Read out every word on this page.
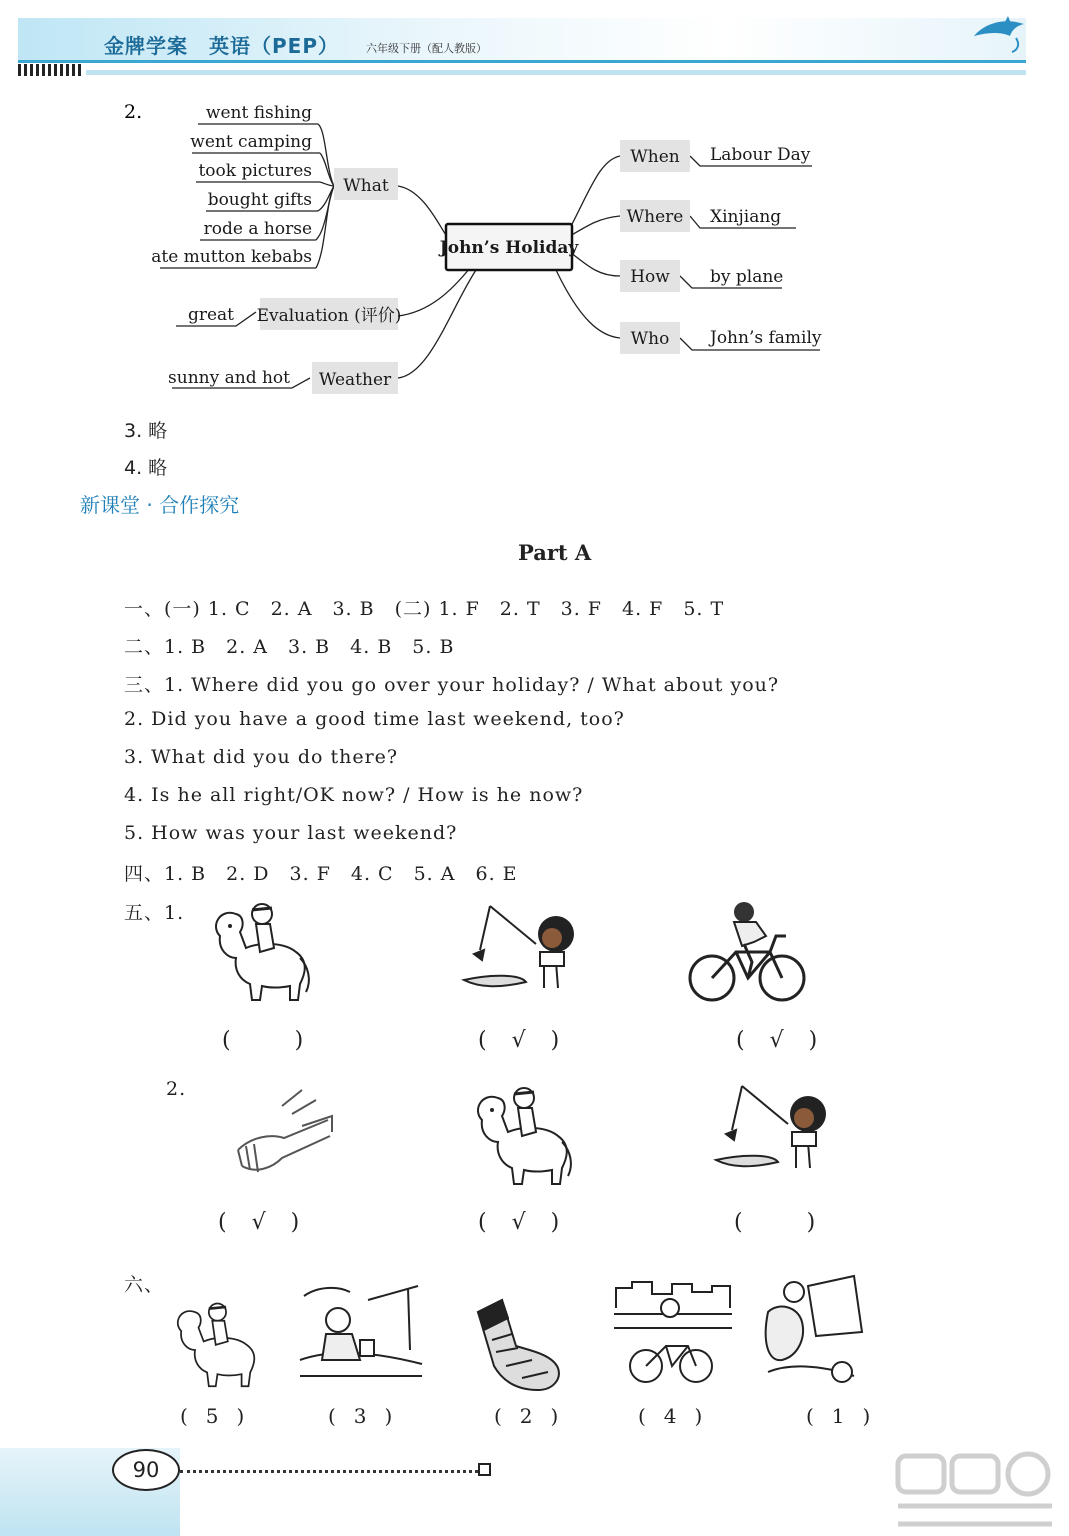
金牌学案　英语（PEP） 六年级下册（配人教版）
2.
John’s Holiday
went fishing
went camping
took pictures
bought gifts
rode a horse
ate mutton kebabs
What
great Evaluation (评价)
sunny and hot Weather
When Labour Day
Where Xinjiang
How by plane
Who John’s family
3. 略
4. 略
新课堂 · 合作探究
Part A
一、(一) 1. C　2. A　3. B　(二) 1. F　2. T　3. F　4. F　5. T
二、1. B　2. A　3. B　4. B　5. B
三、1. Where did you go over your holiday? / What about you?
2. Did you have a good time last weekend, too?
3. What did you do there?
4. Is he all right/OK now? / How is he now?
5. How was your last weekend?
四、1. B　2. D　3. F　4. C　5. A　6. E
五、1.
2.
(  )	( √ )	( √ )
( √ )	( √ )	(  )
六、
( 5 )	( 3 )	( 2 )	( 4 )	( 1 )
90
